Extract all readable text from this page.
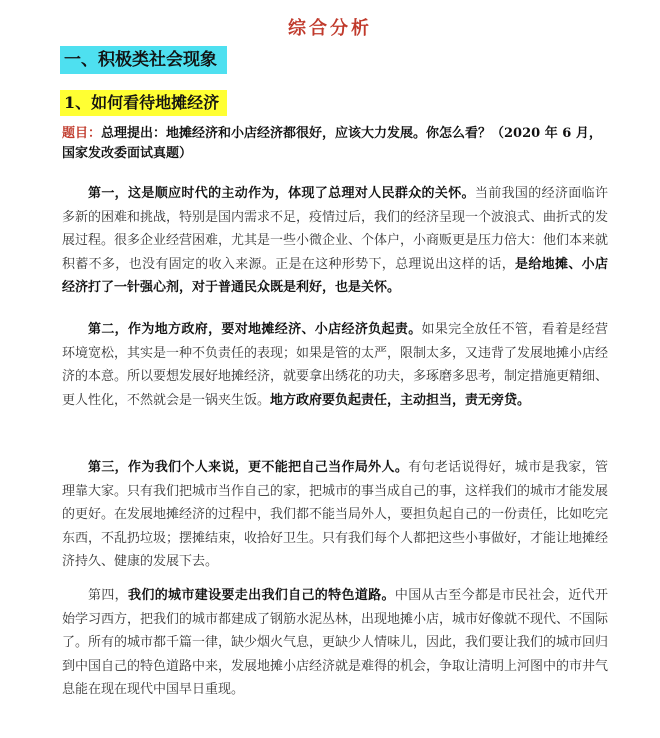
综合分析
一、积极类社会现象
1、如何看待地摊经济
题目：总理提出：地摊经济和小店经济都很好，应该大力发展。你怎么看？（2020 年 6 月，国家发改委面试真题）
第一，这是顺应时代的主动作为，体现了总理对人民群众的关怀。当前我国的经济面临许多新的困难和挑战，特别是国内需求不足，疫情过后，我们的经济呈现一个波浪式、曲折式的发展过程。很多企业经营困难，尤其是一些小微企业、个体户，小商贩更是压力倍大：他们本来就积蓄不多，也没有固定的收入来源。正是在这种形势下，总理说出这样的话，是给地摊、小店经济打了一针强心剂，对于普通民众既是利好，也是关怀。
第二，作为地方政府，要对地摊经济、小店经济负起责。如果完全放任不管，看着是经营环境宽松，其实是一种不负责任的表现；如果是管的太严，限制太多，又违背了发展地摊小店经济的本意。所以要想发展好地摊经济，就要拿出绣花的功夫，多琢磨多思考，制定措施更精细、更人性化，不然就会是一锅夹生饭。地方政府要负起责任，主动担当，责无旁贷。
第三，作为我们个人来说，更不能把自己当作局外人。有句老话说得好，城市是我家，管理靠大家。只有我们把城市当作自己的家，把城市的事当成自己的事，这样我们的城市才能发展的更好。在发展地摊经济的过程中，我们都不能当局外人，要担负起自己的一份责任，比如吃完东西，不乱扔垃圾；摆摊结束，收拾好卫生。只有我们每个人都把这些小事做好，才能让地摊经济持久、健康的发展下去。
第四，我们的城市建设要走出我们自己的特色道路。中国从古至今都是市民社会，近代开始学习西方，把我们的城市都建成了钢筋水泥丛林，出现地摊小店，城市好像就不现代、不国际了。所有的城市都千篇一律，缺少烟火气息，更缺少人情味儿，因此，我们要让我们的城市回归到中国自己的特色道路中来，发展地摊小店经济就是难得的机会，争取让清明上河图中的市井气息能在现在现代中国早日重现。
